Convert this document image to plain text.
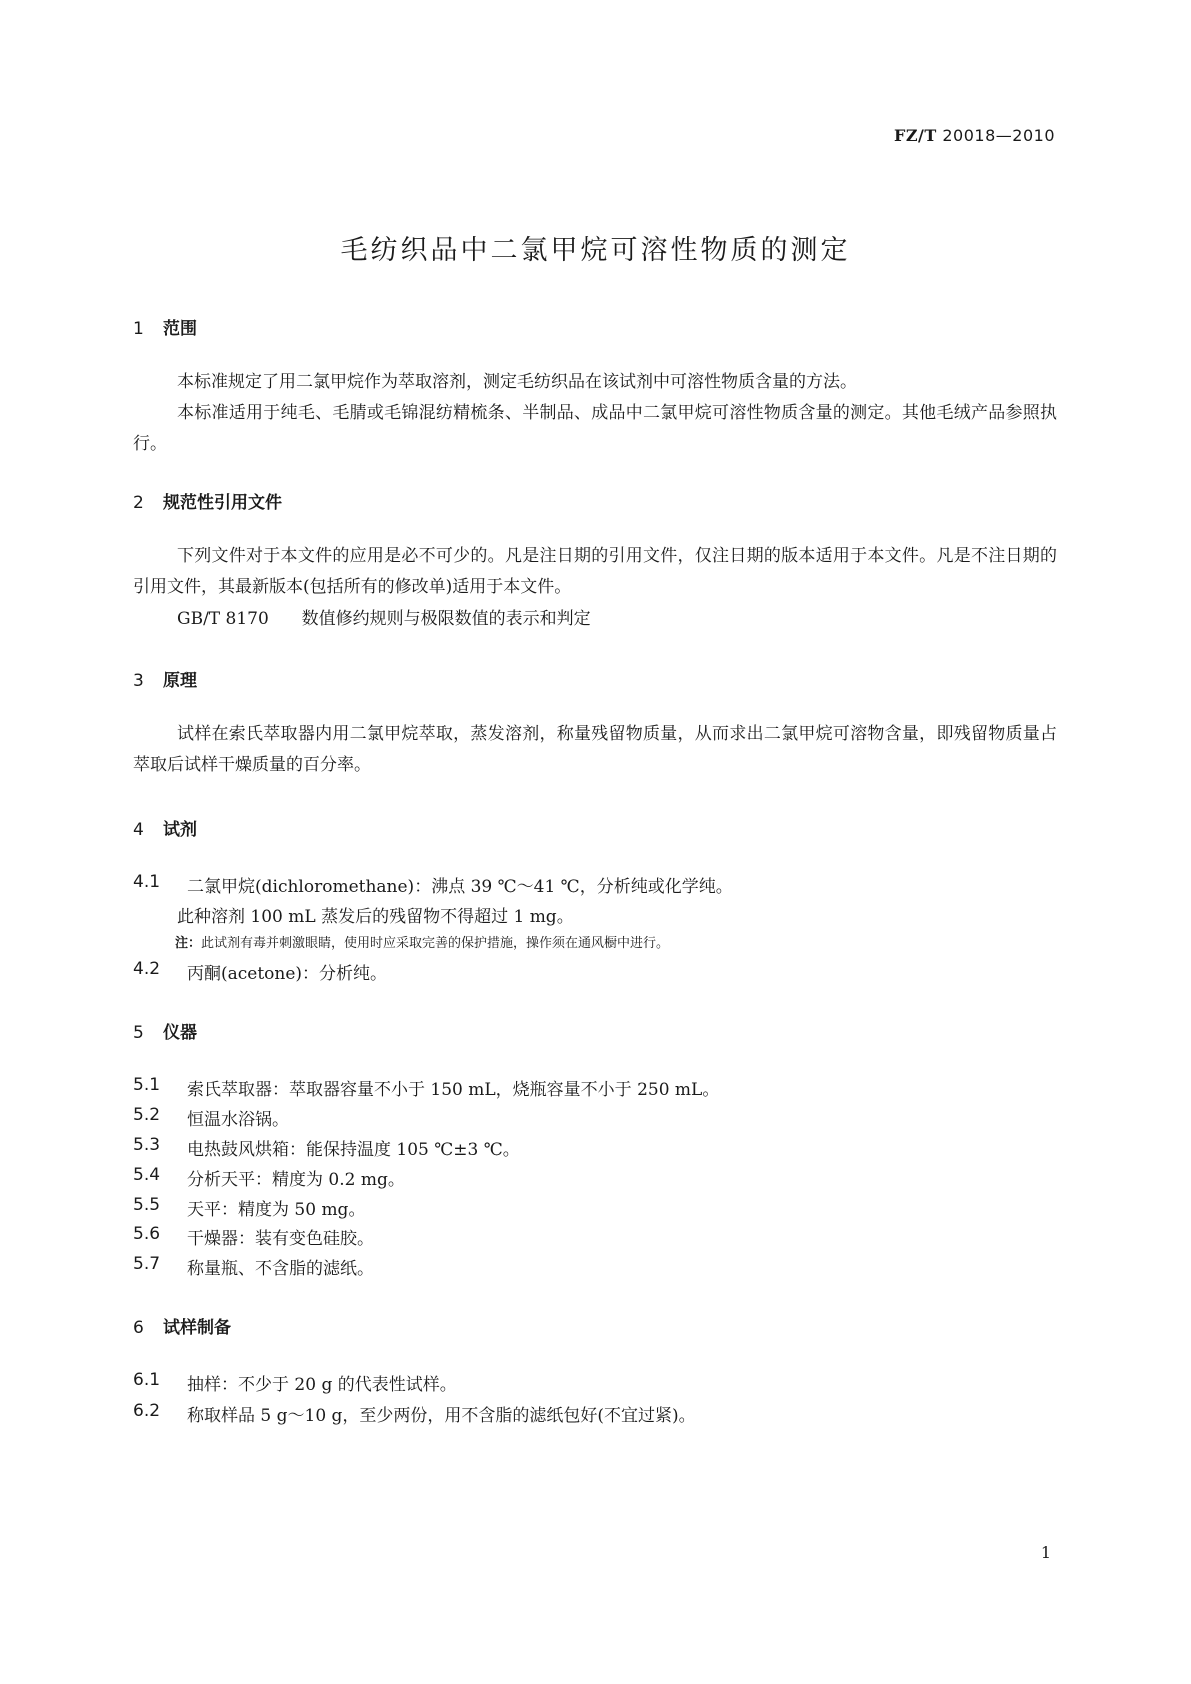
FZ/T 20018—2010
毛纺织品中二氯甲烷可溶性物质的测定
1 范围
本标准规定了用二氯甲烷作为萃取溶剂，测定毛纺织品在该试剂中可溶性物质含量的方法。
本标准适用于纯毛、毛腈或毛锦混纺精梳条、半制品、成品中二氯甲烷可溶性物质含量的测定。其他毛绒产品参照执行。
2 规范性引用文件
下列文件对于本文件的应用是必不可少的。凡是注日期的引用文件，仅注日期的版本适用于本文件。凡是不注日期的引用文件，其最新版本(包括所有的修改单)适用于本文件。
GB/T 8170 数值修约规则与极限数值的表示和判定
3 原理
试样在索氏萃取器内用二氯甲烷萃取，蒸发溶剂，称量残留物质量，从而求出二氯甲烷可溶物含量，即残留物质量占萃取后试样干燥质量的百分率。
4 试剂
4.1 二氯甲烷(dichloromethane)：沸点 39 ℃～41 ℃，分析纯或化学纯。
此种溶剂 100 mL 蒸发后的残留物不得超过 1 mg。
注：此试剂有毒并刺激眼睛，使用时应采取完善的保护措施，操作须在通风橱中进行。
4.2 丙酮(acetone)：分析纯。
5 仪器
5.1 索氏萃取器：萃取器容量不小于 150 mL，烧瓶容量不小于 250 mL。
5.2 恒温水浴锅。
5.3 电热鼓风烘箱：能保持温度 105 ℃±3 ℃。
5.4 分析天平：精度为 0.2 mg。
5.5 天平：精度为 50 mg。
5.6 干燥器：装有变色硅胶。
5.7 称量瓶、不含脂的滤纸。
6 试样制备
6.1 抽样：不少于 20 g 的代表性试样。
6.2 称取样品 5 g～10 g，至少两份，用不含脂的滤纸包好(不宜过紧)。
1
